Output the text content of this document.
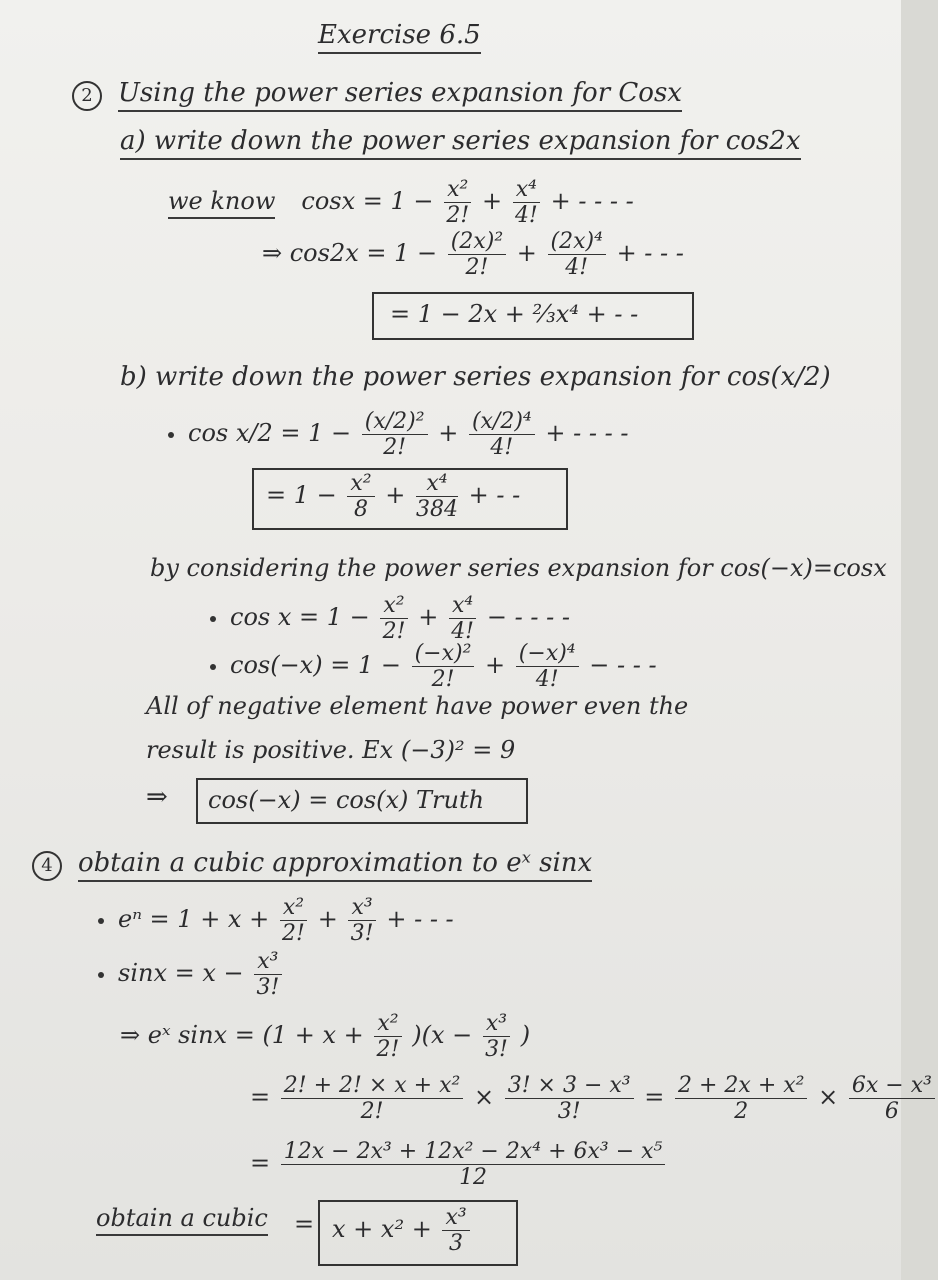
Exercise 6.5
2 Using the power series expansion for Cosx
a) write down the power series expansion for cos2x
we know $\cos x = 1 - \frac{\text{x²}}{2!} + \frac{\text{x⁴}}{4!}$ + - - - -
⇒ $\cos 2x = 1 - \frac{\text{(2x)²}}{2!} + \frac{\text{(2x)⁴}}{4!}$ + - - -
= 1 − 2x + ⅔x⁴ + - -
b) write down the power series expansion for cos(x/2)
$\cos x/2 = 1 - \frac{\text{(x/2)²}}{2!} + \frac{\text{(x/2)⁴}}{4!}$ + - - - -
= $1 - \frac{\text{x²}}{8} + \frac{\text{x⁴}}{384}$ + - -
by considering the power series expansion for cos(−x)=cosx
$\cos x = 1 - \frac{\text{x²}}{2!} + \frac{\text{x⁴}}{4!}$ − - - - -
$\cos(-x) = 1 - \frac{\text{(−x)²}}{2!} + \frac{\text{(−x)⁴}}{4!}$ − - - -
All of negative element have power even the
result is positive. Ex (−3)² = 9
⇒ cos(−x) = cos(x) Truth
4 obtain a cubic approximation to eˣ sinx
$e^n = 1 + x + \frac{\text{x²}}{2!} + \frac{\text{x³}}{3!}$ + - - -
$\sin x = x - \frac{\text{x³}}{3!}$
⇒ eˣ $\sin x = (1 + x + \frac{\text{x²}}{2!} )(x - \frac{\text{x³}}{3!}$ )
= $\frac{\text{2! + 2! × x + x²}}{2!} \times \frac{\text{3! × 3 − x³}}{3!} = \frac{\text{2 + 2x + x²}}{2} \times \frac{\text{6x − x³}}{6}$
= $\frac{\text{12x − 2x³ + 12x² − 2x⁴ + 6x³ − x⁵}}{12}$
obtain a cubic = $x + x^2 + \frac{\text{x³}}{3}$
